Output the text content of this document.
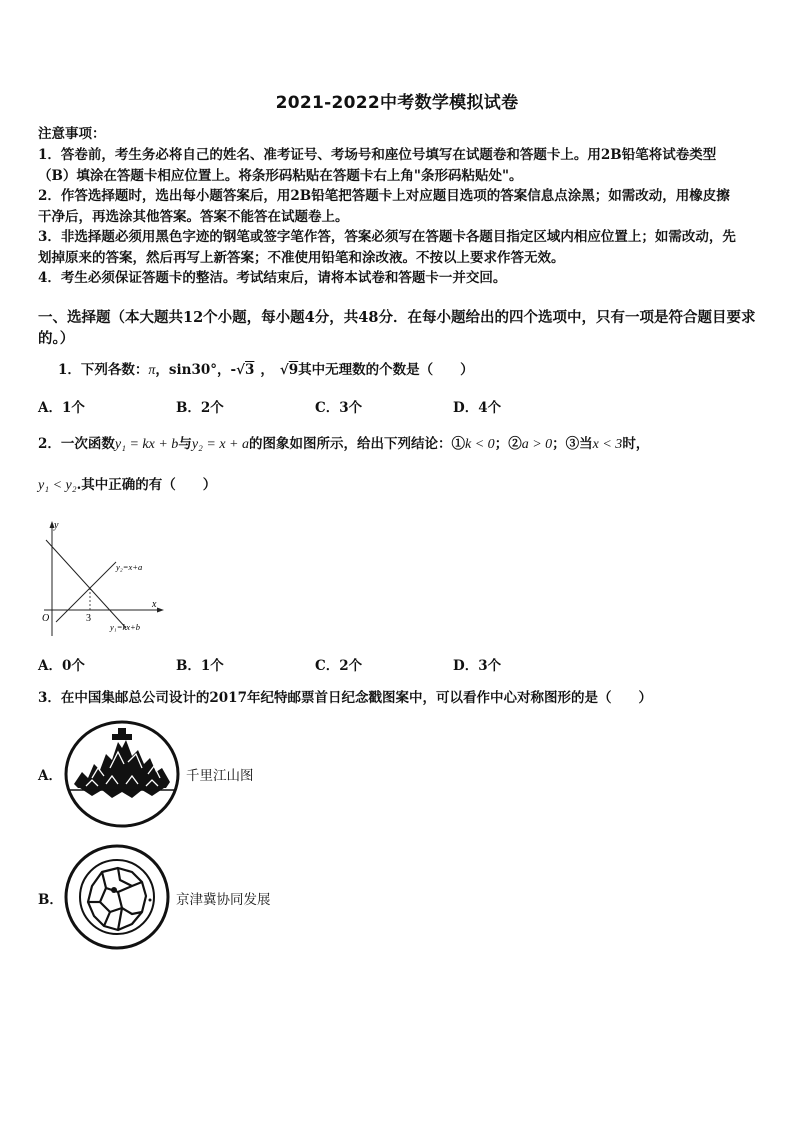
2021-2022中考数学模拟试卷
注意事项：
1．答卷前，考生务必将自己的姓名、准考证号、考场号和座位号填写在试题卷和答题卡上。用2B铅笔将试卷类型
（B）填涂在答题卡相应位置上。将条形码粘贴在答题卡右上角"条形码粘贴处"。
2．作答选择题时，选出每小题答案后，用2B铅笔把答题卡上对应题目选项的答案信息点涂黑；如需改动，用橡皮擦
干净后，再选涂其他答案。答案不能答在试题卷上。
3．非选择题必须用黑色字迹的钢笔或签字笔作答，答案必须写在答题卡各题目指定区域内相应位置上；如需改动，先
划掉原来的答案，然后再写上新答案；不准使用铅笔和涂改液。不按以上要求作答无效。
4．考生必须保证答题卡的整洁。考试结束后，请将本试卷和答题卡一并交回。
一、选择题（本大题共12个小题，每小题4分，共48分．在每小题给出的四个选项中，只有一项是符合题目要求
的。）
1．下列各数：π，sin30°，-√3 ， √9其中无理数的个数是（　　）
A．1个	B．2个	C．3个	D．4个
2．一次函数y₁ = kx + b与y₂ = x + a的图象如图所示，给出下列结论：①k < 0；②a > 0；③当x < 3时，
y₁ < y₂.其中正确的有（　　）
y
x
O	3
y₂=x+a
y₁=kx+b
A．0个	B．1个	C．2个	D．3个
3．在中国集邮总公司设计的2017年纪特邮票首日纪念戳图案中，可以看作中心对称图形的是（　　）
A．	千里江山图
B．	京津冀协同发展
